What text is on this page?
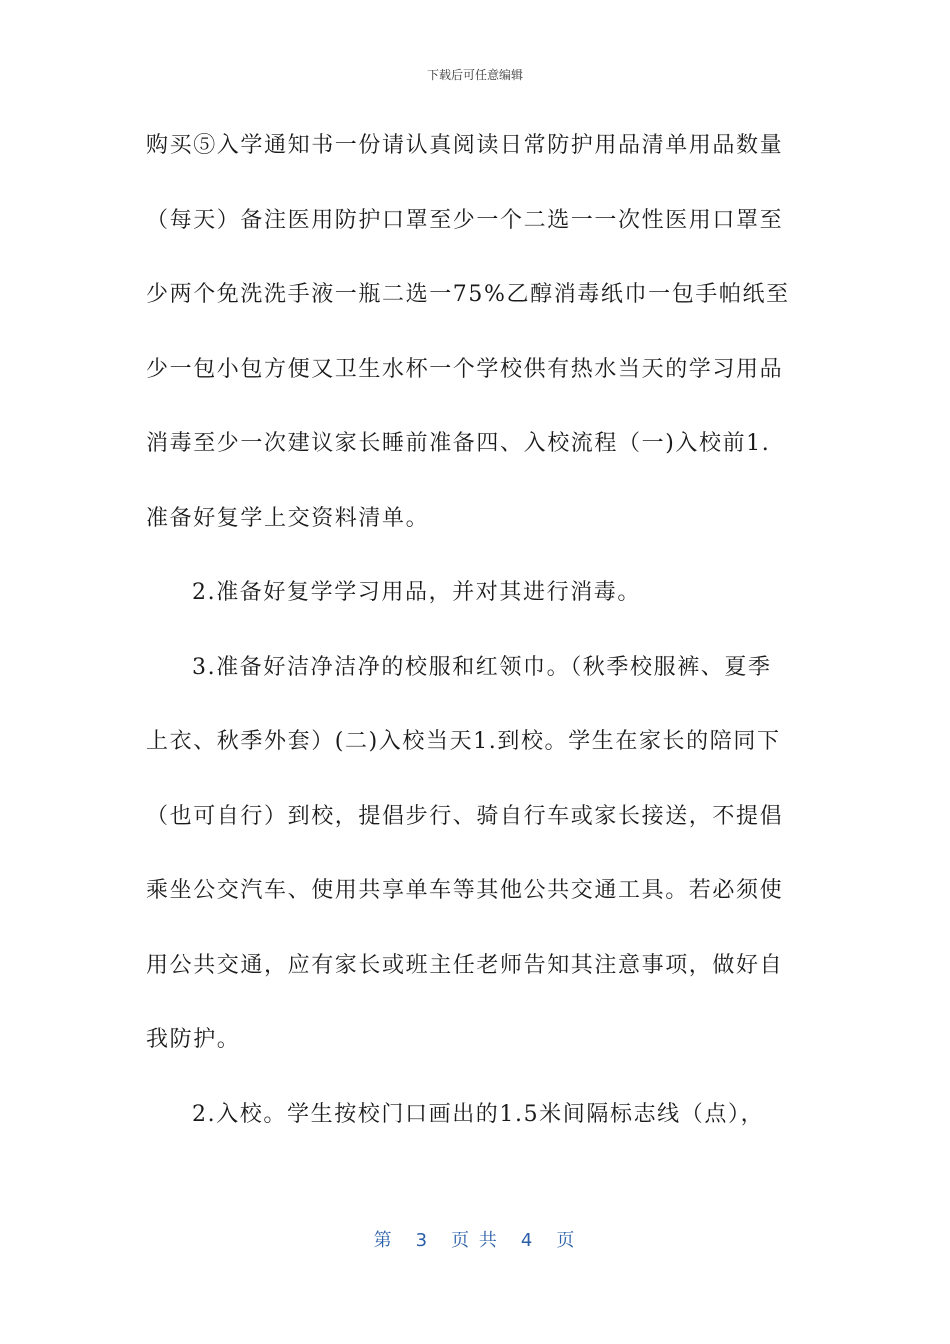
下载后可任意编辑
购买⑤入学通知书一份请认真阅读日常防护用品清单用品数量
（每天）备注医用防护口罩至少一个二选一一次性医用口罩至
少两个免洗洗手液一瓶二选一75%乙醇消毒纸巾一包手帕纸至
少一包小包方便又卫生水杯一个学校供有热水当天的学习用品
消毒至少一次建议家长睡前准备四、入校流程（一)入校前1.
准备好复学上交资料清单。
2.准备好复学学习用品，并对其进行消毒。
3.准备好洁净洁净的校服和红领巾。（秋季校服裤、夏季
上衣、秋季外套）(二)入校当天1.到校。学生在家长的陪同下
（也可自行）到校，提倡步行、骑自行车或家长接送，不提倡
乘坐公交汽车、使用共享单车等其他公共交通工具。若必须使
用公共交通，应有家长或班主任老师告知其注意事项，做好自
我防护。
2.入校。学生按校门口画出的1.5米间隔标志线（点），
第 3 页 共 4 页
